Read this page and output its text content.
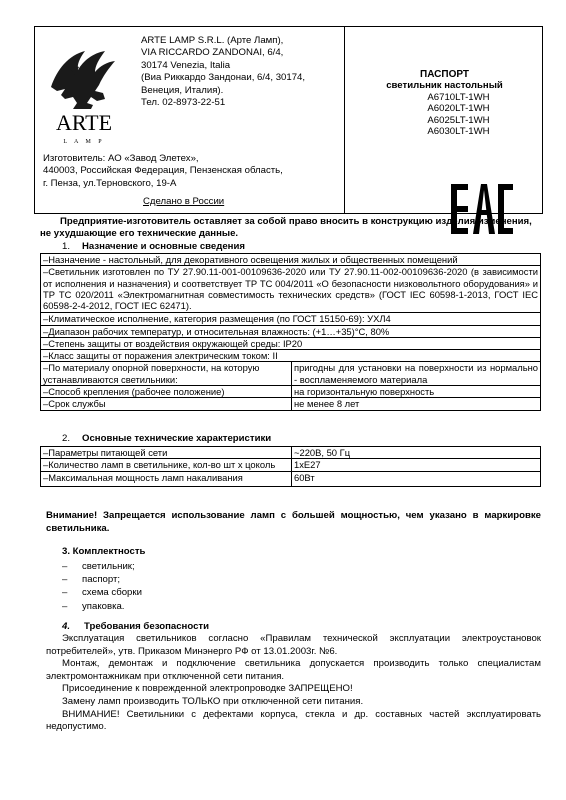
ARTE
L A M P
ARTE LAMP S.R.L. (Арте Ламп),
VIA RICCARDO ZANDONAI, 6/4,
30174 Venezia, Italia
(Виа Риккардо Зандонаи, 6/4, 30174,
Венеция, Италия).
Тел. 02-8973-22-51
Изготовитель: АО «Завод Элетех»,
440003, Российская Федерация, Пензенская область,
г. Пенза, ул.Терновского, 19-А
Сделано в России
ПАСПОРТ
светильник настольный
A6710LT-1WH
A6020LT-1WH
A6025LT-1WH
A6030LT-1WH
Предприятие-изготовитель оставляет за собой право вносить в конструкцию изделия изменения, не ухудшающие его технические данные.
1. Назначение и основные сведения
– Назначение - настольный, для декоративного освещения жилых и общественных помещений
– Светильник изготовлен по ТУ 27.90.11-001-00109636-2020 или ТУ 27.90.11-002-00109636-2020 (в зависимости от исполнения и назначения) и соответствует ТР ТС 004/2011 «О безопасности низковольтного оборудования» и ТР ТС 020/2011 «Электромагнитная совместимость технических средств» (ГОСТ IEC 60598-1-2013, ГОСТ IEC 60598-2-4-2012, ГОСТ IEC 62471).
– Климатическое исполнение, категория размещения (по ГОСТ 15150-69): УХЛ4
– Диапазон рабочих температур, и относительная влажность: (+1…+35)°С, 80%
– Степень защиты от воздействия окружающей среды: IP20
– Класс защиты от поражения электрическим током: II
– По материалу опорной поверхности, на которую устанавливаются светильники:	пригодны для установки на поверхности из нормально - воспламеняемого материала
– Способ крепления (рабочее положение)	на горизонтальную поверхность
– Срок службы	не менее 8 лет
2. Основные технические характеристики
– Параметры питающей сети	~220В, 50 Гц
– Количество ламп в светильнике, кол-во шт х цоколь	1xE27
– Максимальная мощность ламп накаливания	60Вт
Внимание! Запрещается использование ламп с большей мощностью, чем указано в маркировке светильника.
3. Комплектность
– светильник;
– паспорт;
– схема сборки
– упаковка.
4. Требования безопасности

Эксплуатация светильников согласно «Правилам технической эксплуатации электроустановок потребителей», утв. Приказом Минэнерго РФ от 13.01.2003г. №6.

Монтаж, демонтаж и подключение светильника допускается производить только специалистам электромонтажникам при отключенной сети питания.

Присоединение к поврежденной электропроводке ЗАПРЕЩЕНО!

Замену ламп производить ТОЛЬКО при отключенной сети питания.

ВНИМАНИЕ! Светильники с дефектами корпуса, стекла и др. составных частей эксплуатировать недопустимо.
